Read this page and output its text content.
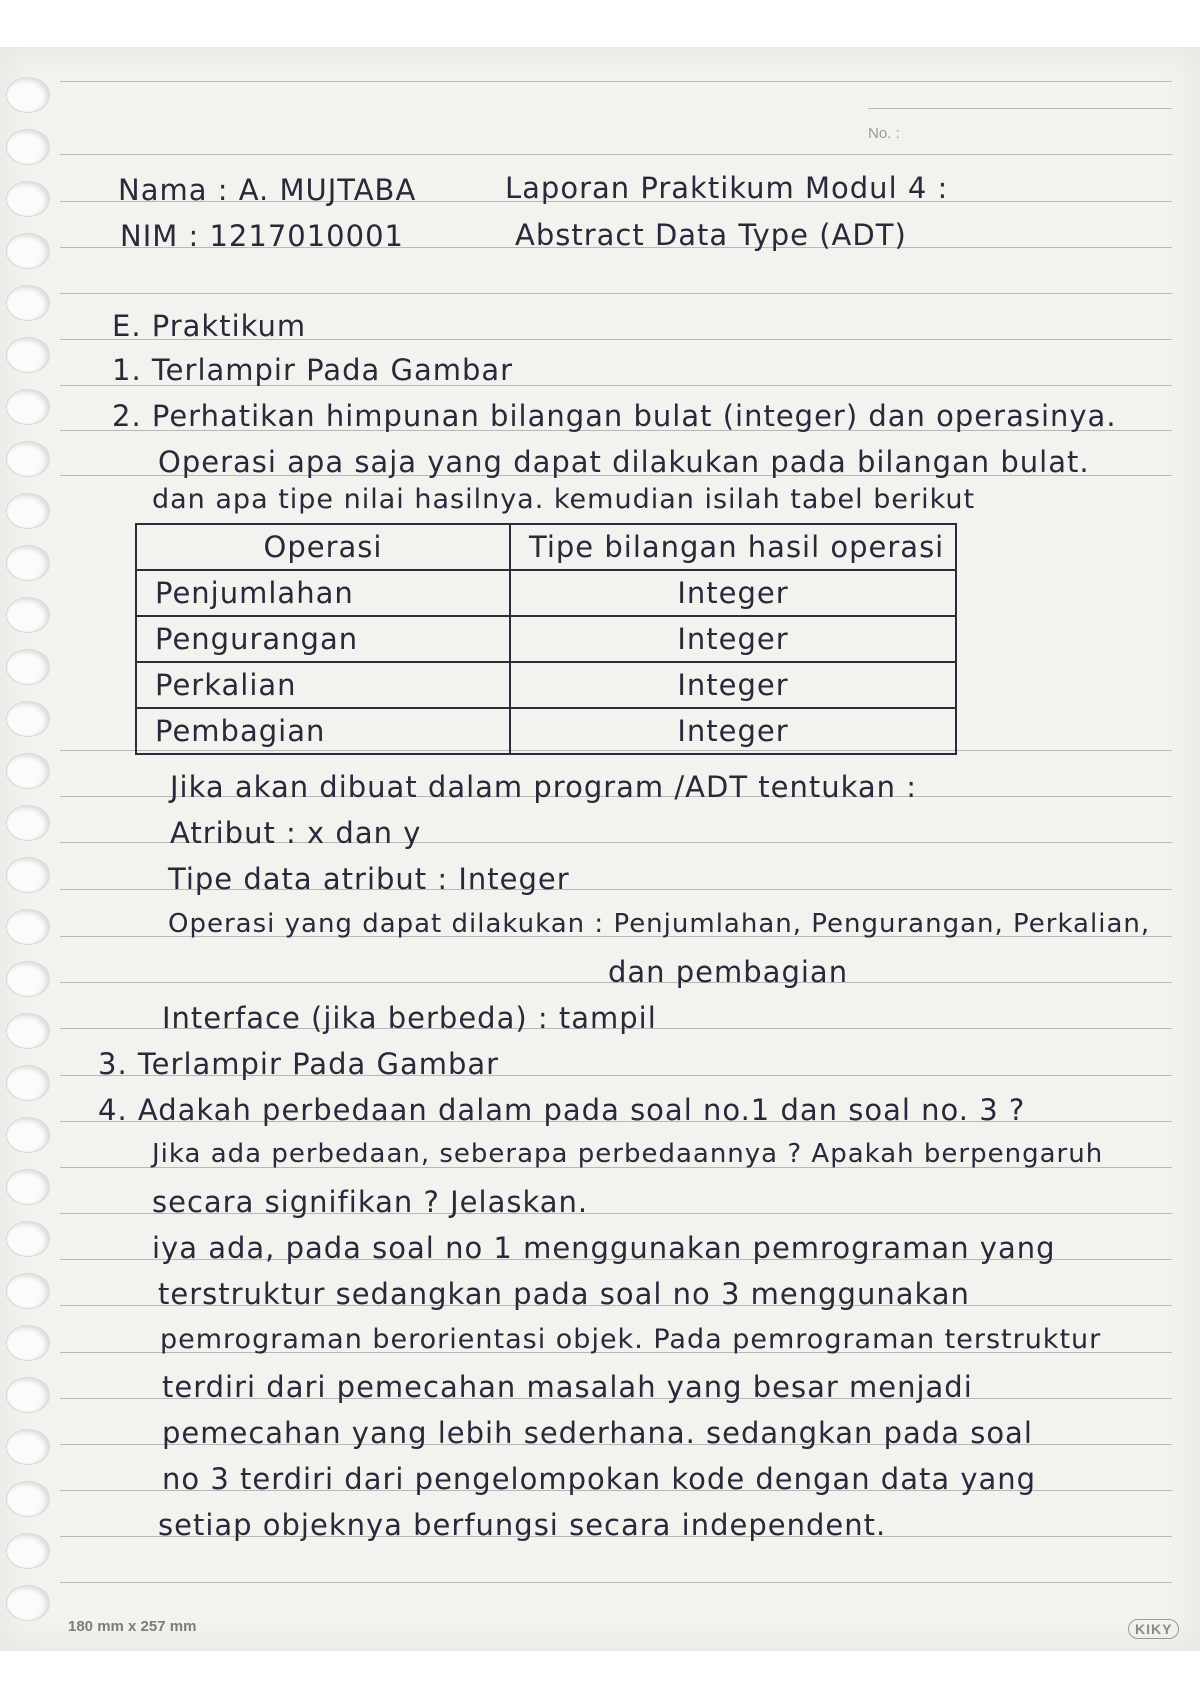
No. :
Nama : A. MUJTABA
NIM : 1217010001
Laporan Praktikum Modul 4 :
Abstract Data Type (ADT)
E. Praktikum
1. Terlampir Pada Gambar
2. Perhatikan himpunan bilangan bulat (integer) dan operasinya.
Operasi apa saja yang dapat dilakukan pada bilangan bulat.
dan apa tipe nilai hasilnya. kemudian isilah tabel berikut
Operasi	Tipe bilangan hasil operasi
Penjumlahan	Integer
Pengurangan	Integer
Perkalian	Integer
Pembagian	Integer
Jika akan dibuat dalam program /ADT tentukan :
Atribut : x dan y
Tipe data atribut : Integer
Operasi yang dapat dilakukan : Penjumlahan, Pengurangan, Perkalian,
dan pembagian
Interface (jika berbeda) : tampil
3. Terlampir Pada Gambar
4. Adakah perbedaan dalam pada soal no.1 dan soal no. 3 ?
Jika ada perbedaan, seberapa perbedaannya ? Apakah berpengaruh
secara signifikan ? Jelaskan.
iya ada, pada soal no 1 menggunakan pemrograman yang
terstruktur sedangkan pada soal no 3 menggunakan
pemrograman berorientasi objek. Pada pemrograman terstruktur
terdiri dari pemecahan masalah yang besar menjadi
pemecahan yang lebih sederhana. sedangkan pada soal
no 3 terdiri dari pengelompokan kode dengan data yang
setiap objeknya berfungsi secara independent.
180 mm x 257 mm	KIKY
